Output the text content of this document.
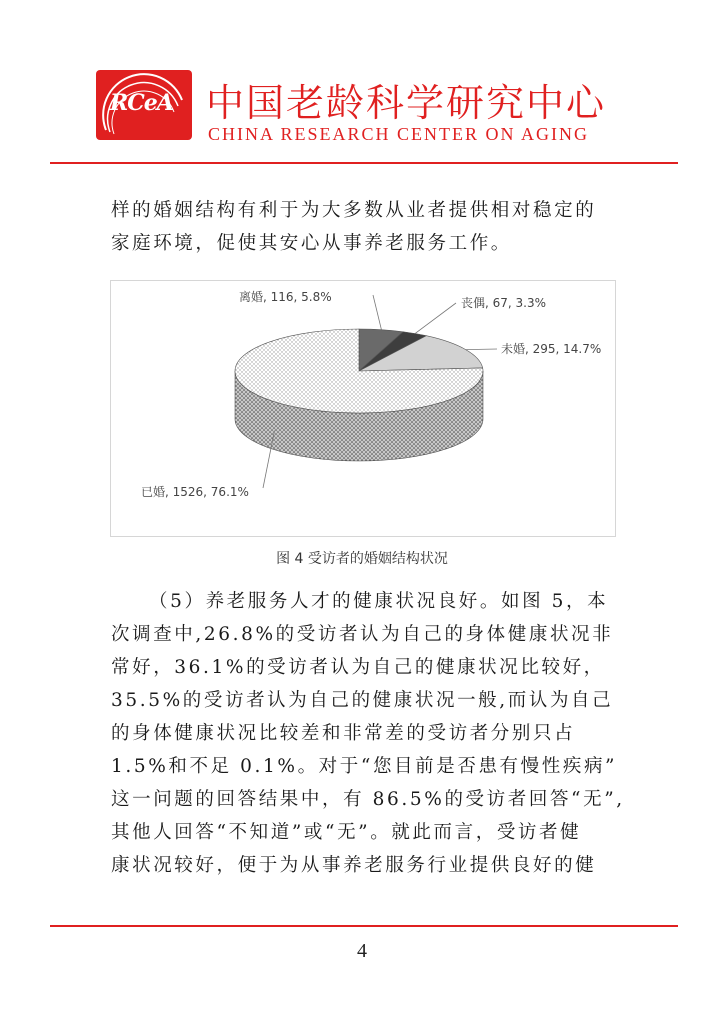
RCeA 中国老龄科学研究中心
CHINA RESEARCH CENTER ON AGING
样的婚姻结构有利于为大多数从业者提供相对稳定的
家庭环境，促使其安心从事养老服务工作。
离婚, 116, 5.8%	丧偶, 67, 3.3%
未婚, 295, 14.7%
已婚, 1526, 76.1%
图 4 受访者的婚姻结构状况
（5）养老服务人才的健康状况良好。如图 5，本
次调查中,26.8%的受访者认为自己的身体健康状况非
常好，36.1%的受访者认为自己的健康状况比较好，
35.5%的受访者认为自己的健康状况一般,而认为自己
的身体健康状况比较差和非常差的受访者分别只占
1.5%和不足 0.1%。对于“您目前是否患有慢性疾病”
这一问题的回答结果中，有 86.5%的受访者回答“无”,
其他人回答“不知道”或“无”。就此而言，受访者健
康状况较好，便于为从事养老服务行业提供良好的健
4
